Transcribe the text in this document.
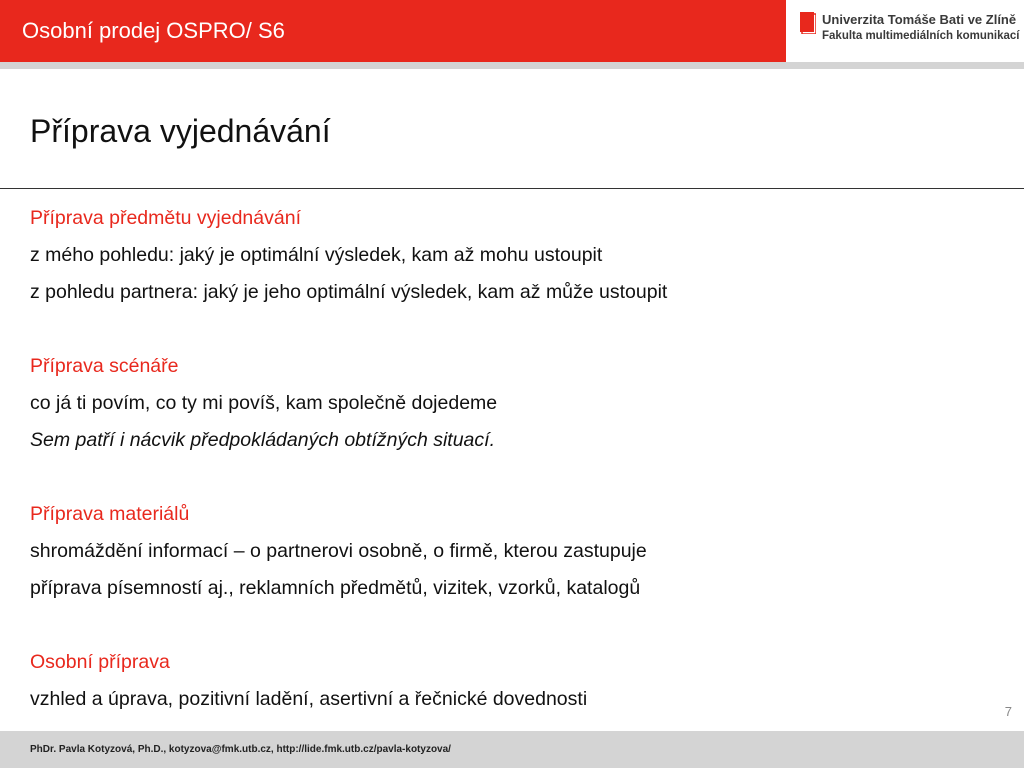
Osobní prodej OSPRO/ S6	Univerzita Tomáše Bati ve Zlíně
Fakulta multimediálních komunikací
Příprava vyjednávání
Příprava předmětu vyjednávání
z mého pohledu: jaký je optimální výsledek, kam až mohu ustoupit
z pohledu partnera: jaký je jeho optimální výsledek, kam až může ustoupit
Příprava scénáře
co já ti povím, co ty mi povíš, kam společně dojedeme
Sem patří i nácvik předpokládaných obtížných situací.
Příprava materiálů
shromáždění informací – o partnerovi osobně, o firmě, kterou zastupuje
příprava písemností aj., reklamních předmětů, vizitek, vzorků, katalogů
Osobní příprava
vzhled a úprava, pozitivní ladění, asertivní a řečnické dovednosti
7
PhDr. Pavla Kotyzová, Ph.D., kotyzova@fmk.utb.cz, http://lide.fmk.utb.cz/pavla-kotyzova/
